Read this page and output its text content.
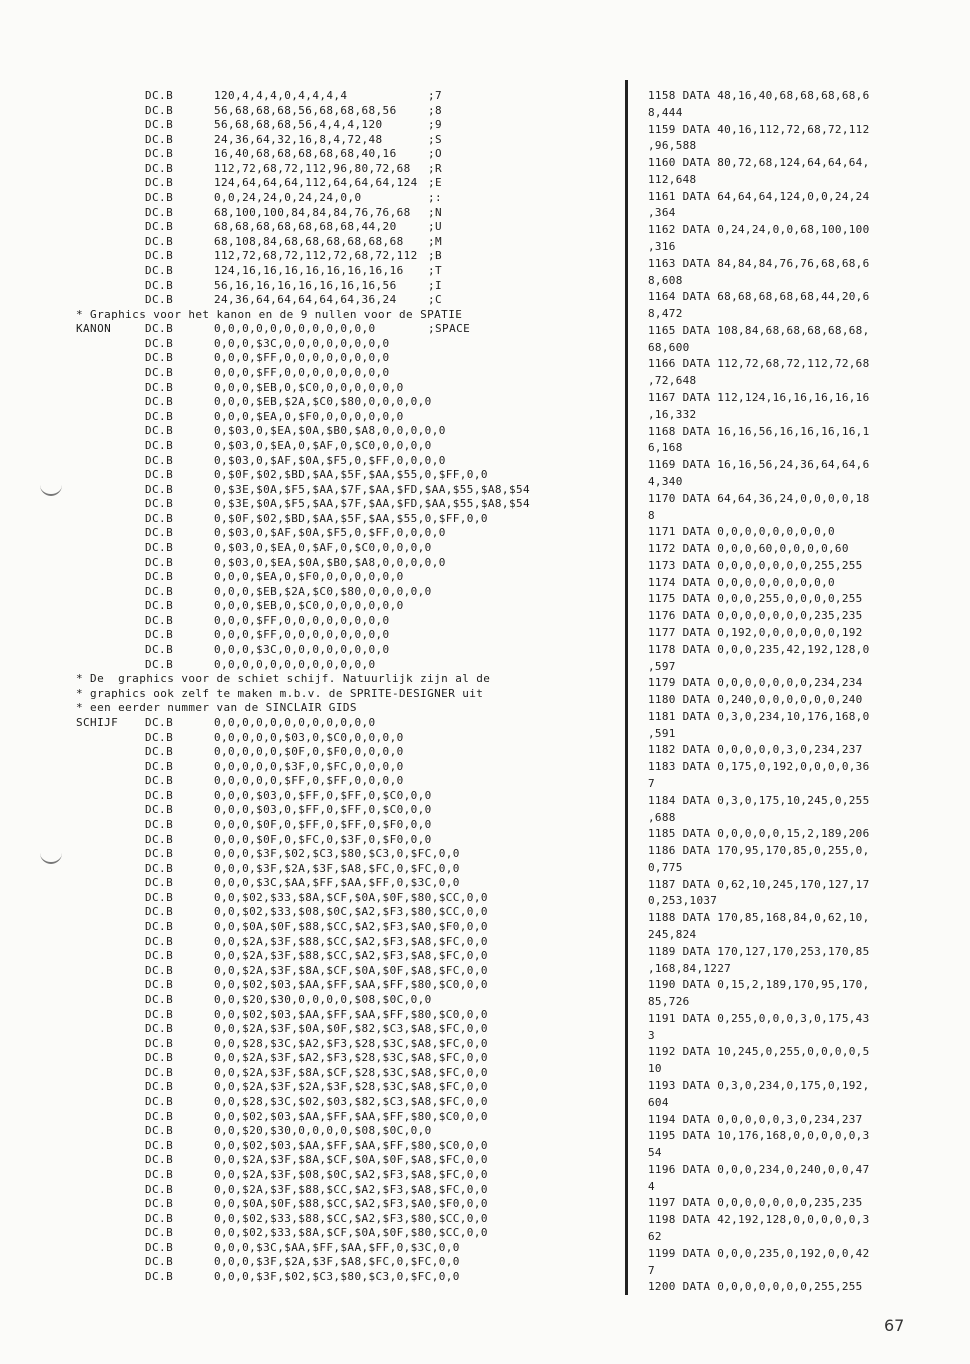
DC.B	120,4,4,4,0,4,4,4,4	;7
DC.B	56,68,68,68,56,68,68,68,56	;8
DC.B	56,68,68,68,56,4,4,4,120	;9
DC.B	24,36,64,32,16,8,4,72,48	;S
DC.B	16,40,68,68,68,68,68,40,16	;O
DC.B	112,72,68,72,112,96,80,72,68 ;R
DC.B	124,64,64,64,112,64,64,64,124 ;E
DC.B	0,0,24,24,0,24,24,0,0	;:
DC.B	68,100,100,84,84,84,76,76,68 ;N
DC.B	68,68,68,68,68,68,68,44,20	;U
DC.B	68,108,84,68,68,68,68,68,68 ;M
DC.B	112,72,68,72,112,72,68,72,112 ;B
DC.B	124,16,16,16,16,16,16,16,16 ;T
DC.B	56,16,16,16,16,16,16,16,56	;I
DC.B	24,36,64,64,64,64,64,36,24	;C
* Graphics voor het kanon en de 9 nullen voor de SPATIE
KANON	DC.B	0,0,0,0,0,0,0,0,0,0,0,0	;SPACE
DC.B	0,0,0,$3C,0,0,0,0,0,0,0,0
DC.B	0,0,0,$FF,0,0,0,0,0,0,0,0
DC.B	0,0,0,$FF,0,0,0,0,0,0,0,0
DC.B	0,0,0,$EB,0,$C0,0,0,0,0,0,0
DC.B	0,0,0,$EB,$2A,$C0,$80,0,0,0,0,0
DC.B	0,0,0,$EA,0,$F0,0,0,0,0,0,0
DC.B	0,$03,0,$EA,$0A,$B0,$A8,0,0,0,0,0
DC.B	0,$03,0,$EA,0,$AF,0,$C0,0,0,0,0
DC.B	0,$03,0,$AF,$0A,$F5,0,$FF,0,0,0,0
DC.B	0,$0F,$02,$BD,$AA,$5F,$AA,$55,0,$FF,0,0
DC.B	0,$3E,$0A,$F5,$AA,$7F,$AA,$FD,$AA,$55,$A8,$54
DC.B	0,$3E,$0A,$F5,$AA,$7F,$AA,$FD,$AA,$55,$A8,$54
DC.B	0,$0F,$02,$BD,$AA,$5F,$AA,$55,0,$FF,0,0
DC.B	0,$03,0,$AF,$0A,$F5,0,$FF,0,0,0,0
DC.B	0,$03,0,$EA,0,$AF,0,$C0,0,0,0,0
DC.B	0,$03,0,$EA,$0A,$B0,$A8,0,0,0,0,0
DC.B	0,0,0,$EA,0,$F0,0,0,0,0,0,0
DC.B	0,0,0,$EB,$2A,$C0,$80,0,0,0,0,0
DC.B	0,0,0,$EB,0,$C0,0,0,0,0,0,0
DC.B	0,0,0,$FF,0,0,0,0,0,0,0,0
DC.B	0,0,0,$FF,0,0,0,0,0,0,0,0
DC.B	0,0,0,$3C,0,0,0,0,0,0,0,0
DC.B	0,0,0,0,0,0,0,0,0,0,0,0
* De  graphics voor de schiet schijf. Natuurlijk zijn al de
* graphics ook zelf te maken m.b.v. de SPRITE-DESIGNER uit
* een eerder nummer van de SINCLAIR GIDS
SCHIJF DC.B	0,0,0,0,0,0,0,0,0,0,0,0
DC.B	0,0,0,0,0,$03,0,$C0,0,0,0,0
DC.B	0,0,0,0,0,$0F,0,$F0,0,0,0,0
DC.B	0,0,0,0,0,$3F,0,$FC,0,0,0,0
DC.B	0,0,0,0,0,$FF,0,$FF,0,0,0,0
DC.B	0,0,0,$03,0,$FF,0,$FF,0,$C0,0,0
DC.B	0,0,0,$03,0,$FF,0,$FF,0,$C0,0,0
DC.B	0,0,0,$0F,0,$FF,0,$FF,0,$F0,0,0
DC.B	0,0,0,$0F,0,$FC,0,$3F,0,$F0,0,0
DC.B	0,0,0,$3F,$02,$C3,$80,$C3,0,$FC,0,0
DC.B	0,0,0,$3F,$2A,$3F,$A8,$FC,0,$FC,0,0
DC.B	0,0,0,$3C,$AA,$FF,$AA,$FF,0,$3C,0,0
DC.B	0,0,$02,$33,$8A,$CF,$0A,$0F,$80,$CC,0,0
DC.B	0,0,$02,$33,$08,$0C,$A2,$F3,$80,$CC,0,0
DC.B	0,0,$0A,$0F,$88,$CC,$A2,$F3,$A0,$F0,0,0
DC.B	0,0,$2A,$3F,$88,$CC,$A2,$F3,$A8,$FC,0,0
DC.B	0,0,$2A,$3F,$88,$CC,$A2,$F3,$A8,$FC,0,0
DC.B	0,0,$2A,$3F,$8A,$CF,$0A,$0F,$A8,$FC,0,0
DC.B	0,0,$02,$03,$AA,$FF,$AA,$FF,$80,$C0,0,0
DC.B	0,0,$20,$30,0,0,0,0,$08,$0C,0,0
DC.B	0,0,$02,$03,$AA,$FF,$AA,$FF,$80,$C0,0,0
DC.B	0,0,$2A,$3F,$0A,$0F,$82,$C3,$A8,$FC,0,0
DC.B	0,0,$28,$3C,$A2,$F3,$28,$3C,$A8,$FC,0,0
DC.B	0,0,$2A,$3F,$A2,$F3,$28,$3C,$A8,$FC,0,0
DC.B	0,0,$2A,$3F,$8A,$CF,$28,$3C,$A8,$FC,0,0
DC.B	0,0,$2A,$3F,$2A,$3F,$28,$3C,$A8,$FC,0,0
DC.B	0,0,$28,$3C,$02,$03,$82,$C3,$A8,$FC,0,0
DC.B	0,0,$02,$03,$AA,$FF,$AA,$FF,$80,$C0,0,0
DC.B	0,0,$20,$30,0,0,0,0,$08,$0C,0,0
DC.B	0,0,$02,$03,$AA,$FF,$AA,$FF,$80,$C0,0,0
DC.B	0,0,$2A,$3F,$8A,$CF,$0A,$0F,$A8,$FC,0,0
DC.B	0,0,$2A,$3F,$08,$0C,$A2,$F3,$A8,$FC,0,0
DC.B	0,0,$2A,$3F,$88,$CC,$A2,$F3,$A8,$FC,0,0
DC.B	0,0,$0A,$0F,$88,$CC,$A2,$F3,$A0,$F0,0,0
DC.B	0,0,$02,$33,$88,$CC,$A2,$F3,$80,$CC,0,0
DC.B	0,0,$02,$33,$8A,$CF,$0A,$0F,$80,$CC,0,0
DC.B	0,0,0,$3C,$AA,$FF,$AA,$FF,0,$3C,0,0
DC.B	0,0,0,$3F,$2A,$3F,$A8,$FC,0,$FC,0,0
DC.B	0,0,0,$3F,$02,$C3,$80,$C3,0,$FC,0,0
1158 DATA 48,16,40,68,68,68,68,6
8,444
1159 DATA 40,16,112,72,68,72,112
,96,588
1160 DATA 80,72,68,124,64,64,64,
112,648
1161 DATA 64,64,64,124,0,0,24,24
,364
1162 DATA 0,24,24,0,0,68,100,100
,316
1163 DATA 84,84,84,76,76,68,68,6
8,608
1164 DATA 68,68,68,68,68,44,20,6
8,472
1165 DATA 108,84,68,68,68,68,68,
68,600
1166 DATA 112,72,68,72,112,72,68
,72,648
1167 DATA 112,124,16,16,16,16,16
,16,332
1168 DATA 16,16,56,16,16,16,16,1
6,168
1169 DATA 16,16,56,24,36,64,64,6
4,340
1170 DATA 64,64,36,24,0,0,0,0,18
8
1171 DATA 0,0,0,0,0,0,0,0,0
1172 DATA 0,0,0,60,0,0,0,0,60
1173 DATA 0,0,0,0,0,0,0,255,255
1174 DATA 0,0,0,0,0,0,0,0,0
1175 DATA 0,0,0,255,0,0,0,0,255
1176 DATA 0,0,0,0,0,0,0,235,235
1177 DATA 0,192,0,0,0,0,0,0,192
1178 DATA 0,0,0,235,42,192,128,0
,597
1179 DATA 0,0,0,0,0,0,0,234,234
1180 DATA 0,240,0,0,0,0,0,0,240
1181 DATA 0,3,0,234,10,176,168,0
,591
1182 DATA 0,0,0,0,0,3,0,234,237
1183 DATA 0,175,0,192,0,0,0,0,36
7
1184 DATA 0,3,0,175,10,245,0,255
,688
1185 DATA 0,0,0,0,0,15,2,189,206
1186 DATA 170,95,170,85,0,255,0,
0,775
1187 DATA 0,62,10,245,170,127,17
0,253,1037
1188 DATA 170,85,168,84,0,62,10,
245,824
1189 DATA 170,127,170,253,170,85
,168,84,1227
1190 DATA 0,15,2,189,170,95,170,
85,726
1191 DATA 0,255,0,0,0,3,0,175,43
3
1192 DATA 10,245,0,255,0,0,0,0,5
10
1193 DATA 0,3,0,234,0,175,0,192,
604
1194 DATA 0,0,0,0,0,3,0,234,237
1195 DATA 10,176,168,0,0,0,0,0,3
54
1196 DATA 0,0,0,234,0,240,0,0,47
4
1197 DATA 0,0,0,0,0,0,0,235,235
1198 DATA 42,192,128,0,0,0,0,0,3
62
1199 DATA 0,0,0,235,0,192,0,0,42
7
1200 DATA 0,0,0,0,0,0,0,255,255
67
